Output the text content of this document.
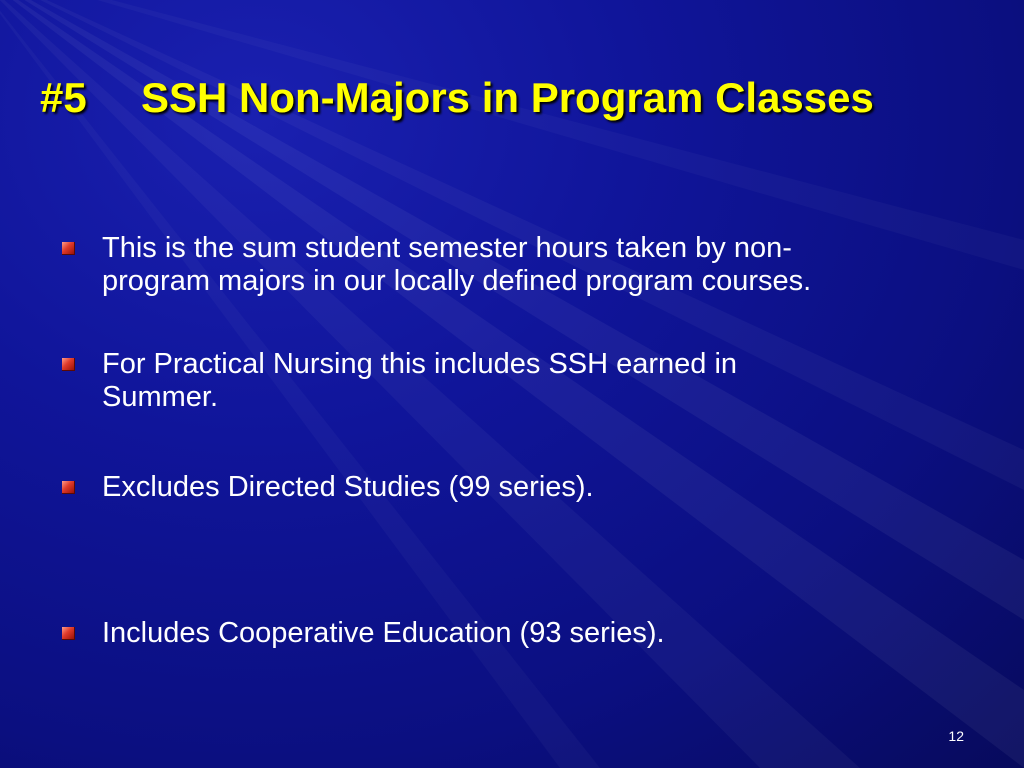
#5 SSH Non-Majors in Program Classes
This is the sum student semester hours taken by non-
program majors in our locally defined program courses.
For Practical Nursing this includes SSH earned in
Summer.
Excludes Directed Studies (99 series).
Includes Cooperative Education (93 series).
12
